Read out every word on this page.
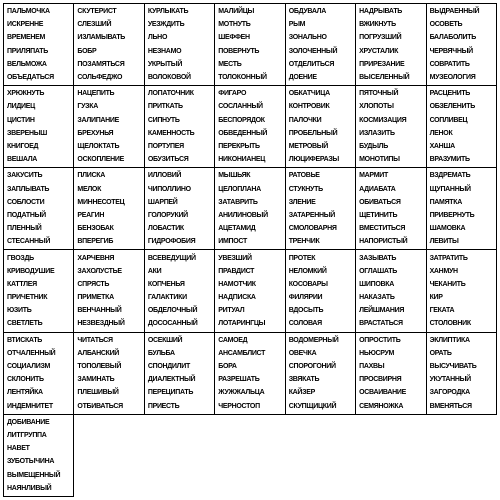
ПАЛЬМОЧКА
ИСКРЕННЕ
ВРЕМЕНЕМ
ПРИЛЯПАТЬ
ВЕЛЬМОЖА
ОБЪЕДАТЬСЯ
СКУТЕРИСТ
СЛЕЗШИЙ
ИЗЛАМЫВАТЬ
БОБР
ПОЗАМЯТЬСЯ
СОЛЬФЕДЖО
КУРЛЫКАТЬ
УЕЗЖДИТЬ
ЛЬНО
НЕЗНАМО
УКРЫТЫЙ
ВОЛОКОВОЙ
МАЛИЙЦЫ
МОТНУТЬ
ШЕФФЕН
ПОВЕРНУТЬ
МЕСТЬ
ТОЛОКОННЫЙ
ОБДУВАЛА
РЫМ
ЗОНАЛЬНО
ЗОЛОЧЕННЫЙ
ОТДЕЛИТЬСЯ
ДОЕНИЕ
НАДРЫВАТЬ
ВЖИКНУТЬ
ПОГРУЗШИЙ
ХРУСТАЛИК
ПРИРЕЗАНИЕ
ВЫСЕЛЕННЫЙ
ВЫДРАЕННЫЙ
ОСОВЕТЬ
БАЛАБОЛИТЬ
ЧЕРВЯЧНЫЙ
СОВРАТИТЬ
МУЗЕОЛОГИЯ
ХРЮКНУТЬ
ЛИДИЕЦ
ЦИСТИН
ЗВЕРЕНЫШ
КНИГОЕД
ВЕШАЛА
НАЦЕПИТЬ
ГУЗКА
ЗАЛИПАНИЕ
БРЕХУНЬЯ
ЩЕЛОКТАТЬ
ОСКОПЛЕНИЕ
ЛОПАТОЧНИК
ПРИТКАТЬ
СИПНУТЬ
КАМЕННОСТЬ
ПОРТУПЕЯ
ОБУЗИТЬСЯ
ФИГАРО
СОСЛАННЫЙ
БЕСПОРЯДОК
ОБВЕДЕННЫЙ
ПЕРЕКРЫТЬ
НИКОНИАНЕЦ
ОБКАТЧИЦА
КОНТРОВИК
ПАЛОЧКИ
ПРОБЕЛЬНЫЙ
МЕТРОВЫЙ
ЛЮЦИФЕРАЗЫ
ПЯТОЧНЫЙ
ХЛОПОТЫ
КОСМИЗАЦИЯ
ИЗЛАЗИТЬ
БУДЫЛЬ
МОНОТИПЫ
РАСЦЕНИТЬ
ОБЗЕЛЕНИТЬ
СОПЛИВЕЦ
ЛЕНОК
ХАНША
ВРАЗУМИТЬ
ЗАКУСИТЬ
ЗАПЛЫВАТЬ
СОБЛОСТИ
ПОДАТНЫЙ
ПЛЕННЫЙ
СТЕСАННЫЙ
ПЛИСКА
МЕЛОК
МИННЕСОТЕЦ
РЕАГИН
БЕНЗОБАК
ВПЕРЕГИБ
ИЛЛОВИЙ
ЧИПОЛЛИНО
ШАРПЕЙ
ГОЛОРУКИЙ
ЛОБАСТИК
ГИДРОФОБИЯ
МЫШЬЯК
ЦЕЛОПЛАНА
ЗАТАВРИТЬ
АНИЛИНОВЫЙ
АЦЕТАМИД
ИМПОСТ
РАТОВЬЕ
СТУКНУТЬ
ЗЛЕНИЕ
ЗАТАРЕННЫЙ
СМОЛОВАРНЯ
ТРЕНЧИК
МАРМИТ
АДИАБАТА
ОБИВАТЬСЯ
ЩЕТИНИТЬ
ВМЕСТИТЬСЯ
НАПОРИСТЫЙ
ВЗДРЕМАТЬ
ЩУПАННЫЙ
ПАМЯТКА
ПРИВЕРНУТЬ
ШАМОВКА
ЛЕВИТЫ
ГВОЗДЬ
КРИВОДУШИЕ
КАТТЛЕЯ
ПРИЧЕТНИК
ЮЗИТЬ
СВЕТЛЕТЬ
ХАРЧЕВНЯ
ЗАХОЛУСТЬЕ
СПРЯСТЬ
ПРИМЕТКА
ВЕНЧАННЫЙ
НЕЗВЕЗДНЫЙ
ВСЕВЕДУЩИЙ
АКИ
КОПЧЕНЬЯ
ГАЛАКТИКИ
ОБДЕЛОЧНЫЙ
ДОСОСАННЫЙ
УВЕЗШИЙ
ПРАВДИСТ
НАМОТЧИК
НАДПИСКА
РИТУАЛ
ЛОТАРИНГЦЫ
ПРОТЕК
НЕЛОМКИЙ
КОСОВАРЫ
ФИЛЯРИИ
ВДОСЫТЬ
СОЛОВАЯ
ЗАЗЫВАТЬ
ОГЛАШАТЬ
ШИПОВКА
НАКАЗАТЬ
ЛЕЙШМАНИЯ
ВРАСТАТЬСЯ
ЗАТРАТИТЬ
ХАНМУН
ЧЕКАНИТЬ
КИР
ГЕКАТА
СТОЛОВНИК
ВТИСКАТЬ
ОТЧАЛЕННЫЙ
СОЦИАЛИЗМ
СКЛОНИТЬ
ЛЕНТЯЙКА
ИНДЕМНИТЕТ
ЧИТАТЬСЯ
АЛБАНСКИЙ
ТОПОЛЕВЫЙ
ЗАМИНАТЬ
ПЛЕШИВЫЙ
ОТБИВАТЬСЯ
ОСЕКШИЙ
БУЛЬБА
СПОНДИЛИТ
ДИАЛЕКТНЫЙ
ПЕРЕЦИПАТЬ
ПРИЕСТЬ
САМОЕД
АНСАМБЛИСТ
БОРА
РАЗРЕШАТЬ
ЖУЖЖАЛЬЦА
ЧЕРНОСТОП
ВОДОМЕРНЫЙ
ОВЕЧКА
СПОРОГОНИЙ
ЗВЯКАТЬ
КАЙЗЕР
СКУПЩИЦКИЙ
ОПРОСТИТЬ
НЬЮСРУМ
ПАХВЫ
ПРОСВИРНЯ
ОСВАИВАНИЕ
СЕМЯНОЖКА
ЭКЛИПТИКА
ОРАТЬ
ВЫСУЧИВАТЬ
УКУТАННЫЙ
ЗАГОРОДКА
ВМЕНЯТЬСЯ
ДОБИВАНИЕ
ЛИТГРУППА
НАВЕТ
ЗУБОТЫЧИНА
ВЫМЕЩЕННЫЙ
НАЯНЛИВЫЙ
